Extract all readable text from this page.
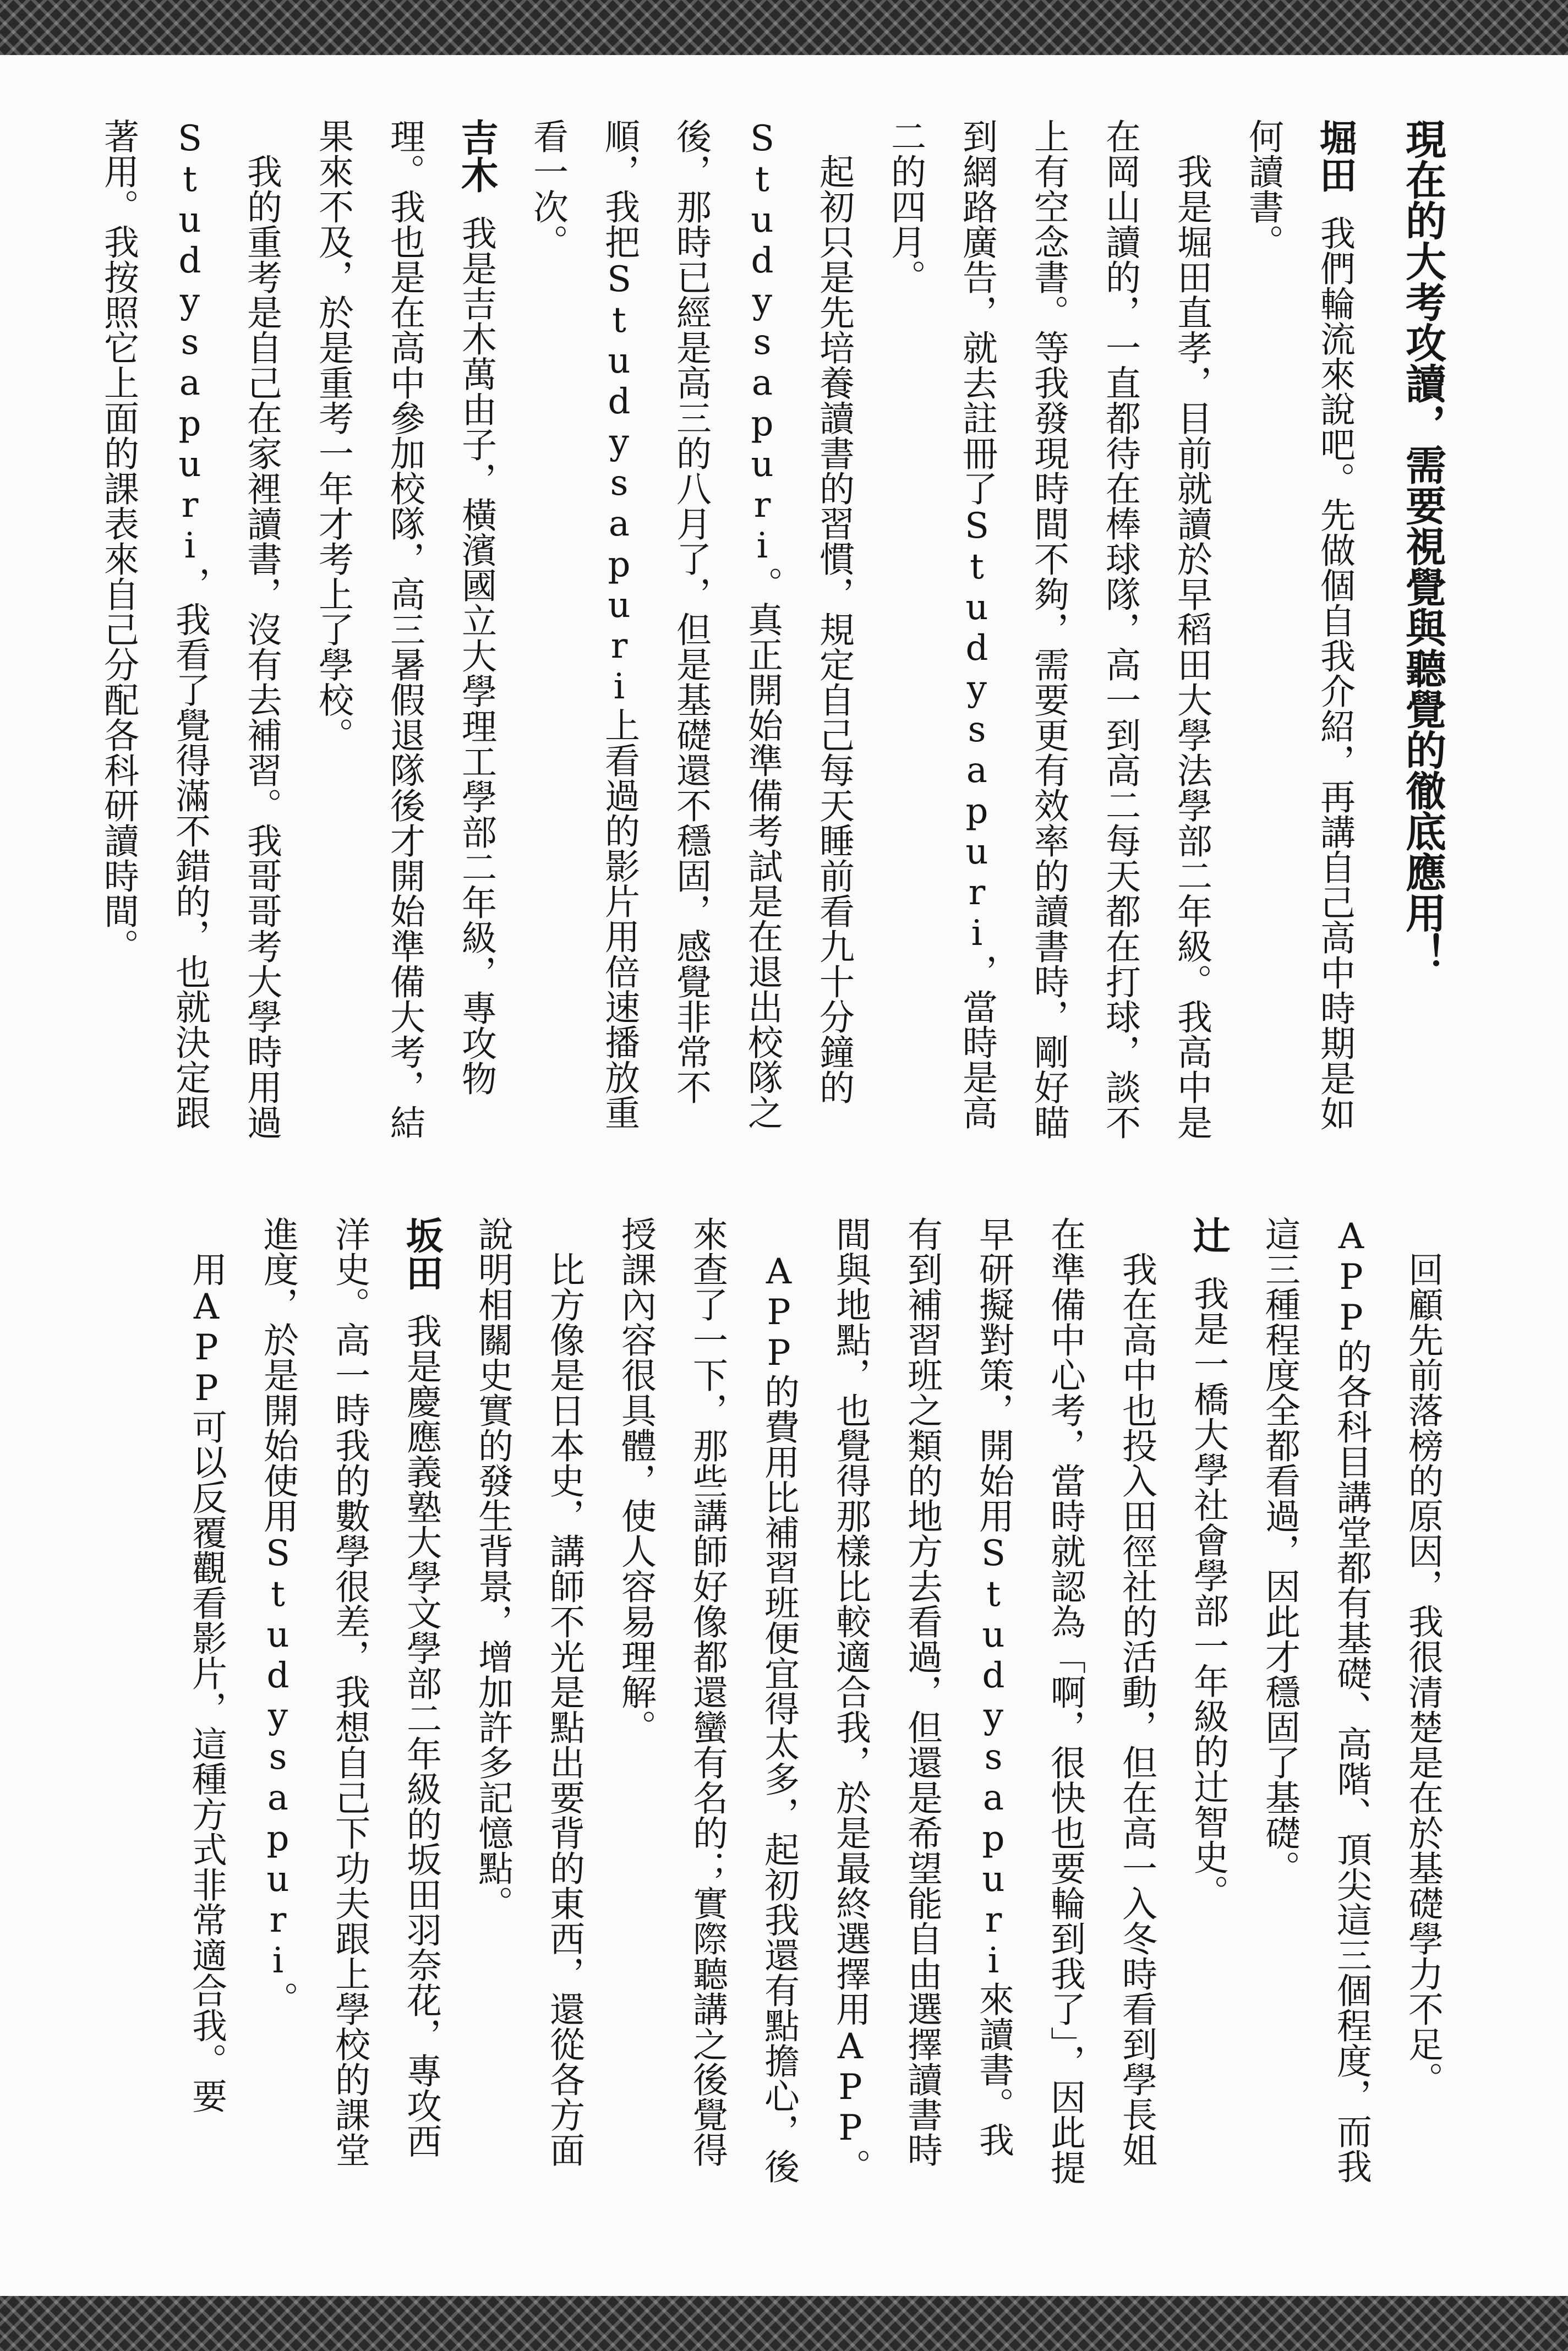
現在的大考攻讀，需要視覺與聽覺的徹底應用！

堀田我們輪流來說吧。先做個自我介紹，再講自己高中時期是如何讀書。

　我是堀田直孝，目前就讀於早稻田大學法學部二年級。我高中是在岡山讀的，一直都待在棒球隊，高一到高二每天都在打球，談不上有空念書。等我發現時間不夠，需要更有效率的讀書時，剛好瞄到網路廣告，就去註冊了Studysapuri，當時是高二的四月。

　起初只是先培養讀書的習慣，規定自己每天睡前看九十分鐘的Studysapuri。真正開始準備考試是在退出校隊之後，那時已經是高三的八月了，但是基礎還不穩固，感覺非常不順，我把Studysapuri上看過的影片用倍速播放重看一次。

吉木我是吉木萬由子，橫濱國立大學理工學部二年級，專攻物理。我也是在高中參加校隊，高三暑假退隊後才開始準備大考，結果來不及，於是重考一年才考上了學校。

　我的重考是自己在家裡讀書，沒有去補習。我哥哥考大學時用過Studysapuri，我看了覺得滿不錯的，也就決定跟著用。我按照它上面的課表來自己分配各科研讀時間。

　回顧先前落榜的原因，我很清楚是在於基礎學力不足。APP的各科目講堂都有基礎、高階、頂尖這三個程度，而我這三種程度全都看過，因此才穩固了基礎。

辻我是一橋大學社會學部一年級的辻智史。

　我在高中也投入田徑社的活動，但在高一入冬時看到學長姐在準備中心考，當時就認為「啊，很快也要輪到我了」，因此提早研擬對策，開始用Studysapuri來讀書。我有到補習班之類的地方去看過，但還是希望能自由選擇讀書時間與地點，也覺得那樣比較適合我，於是最終選擇用APP。

　APP的費用比補習班便宜得太多，起初我還有點擔心，後來查了一下，那些講師好像都還蠻有名的；實際聽講之後覺得授課內容很具體，使人容易理解。

　比方像是日本史，講師不光是點出要背的東西，還從各方面說明相關史實的發生背景，增加許多記憶點。

坂田我是慶應義塾大學文學部二年級的坂田羽奈花，專攻西洋史。高一時我的數學很差，我想自己下功夫跟上學校的課堂進度，於是開始使用Studysapuri。

　用APP可以反覆觀看影片，這種方式非常適合我。要
